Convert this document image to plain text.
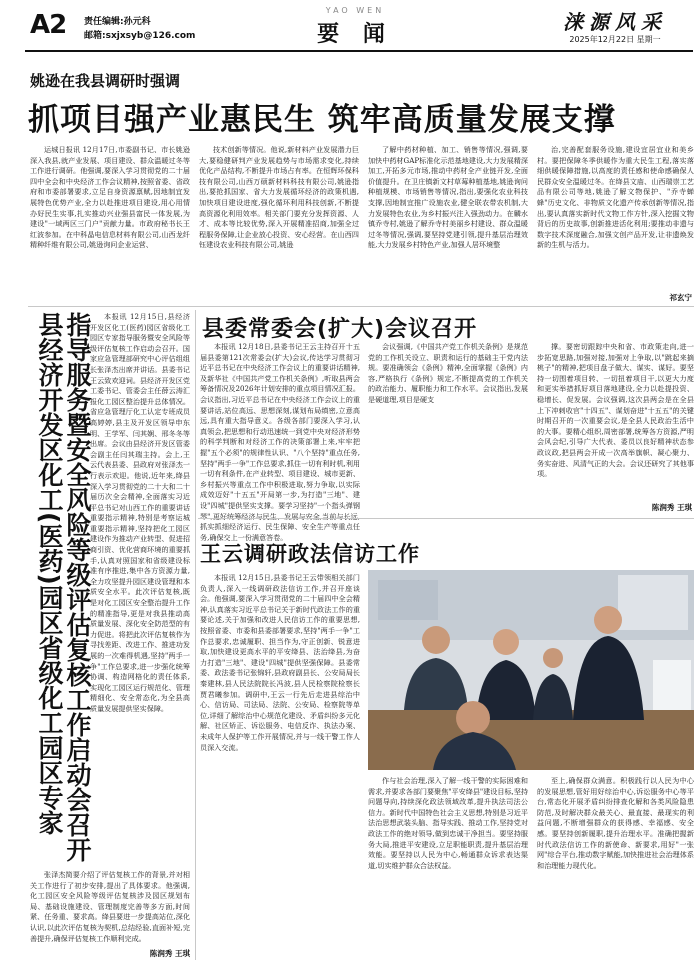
A2 责任编辑:孙元科
邮箱:sxjxsyb@126.com
YAO WEN
要 闻	涞源风采
2025年12月22日 星期一
姚逊在我县调研时强调
抓项目强产业惠民生 筑牢高质量发展支撑
运城日报讯 12月17日,市委副书记、市长姚逊深入我县,就产业发展、项目建设、群众温暖过冬等工作进行调研。他强调,要深入学习贯彻党的二十届四中全会和中央经济工作会议精神,按照省委、省政府和市委部署要求,立足自身资源禀赋,因地制宜发展特色优势产业,全力以赴推进项目建设,用心用情办好民生实事,扎实推动兴业强县富民一体发展,为建设"一域两区三门户"贡献力量。市政府秘书长王红波参加。在中科晶电信息材料有限公司,山西龙纤精种纤维有限公司,姚逊询问企业运营、
技术创新等情况。他说,新材料产业发展潜力巨大,要稳健研判产业发展趋势与市场需求变化,持续优化产品结构,不断提升市场占有率。在恒辉环保科技有限公司,山西万硕新材料科技有限公司,姚逊指出,要抢抓国家、省大力发展循环经济的政策机遇,加快项目建设进度,强化循环利用科技创新,不断提高资源化利用效率。相关部门要充分发挥资源、人才、成本等比较优势,深入开展精准招商,加强全过程服务保障,让企业放心投资、安心经营。在山西四钰建设农业科技有限公司,姚逊
了解中药材种植、加工、销售等情况,强调,要加快中药材GAP标准化示范基地建设,大力发展精深加工,开拓多元市场,推动中药材全产业链开发,全面价值提升。在卫庄镇新文村草莓种植基地,姚逊询问种植规模、市场销售等情况,指出,要强化农业科技支撑,因地制宜推广设施农业,健全联农带农机制,大力发展特色农业,为乡村振兴注入强劲动力。在麟水镇乔寺村,姚逊了解乔寺村美丽乡村建设、群众温暖过冬等情况,强调,要坚持党建引领,提升基层治理效能,大力发展乡村特色产业,加强人居环境整
治,完善配套服务设施,建设宜居宜业和美乡村。要把保障冬季供暖作为重大民生工程,落实落细供暖保障措施,以高度的责任感和使命感确保人民群众安全温暖过冬。在绛县文庙、山西瑞崇工艺品有限公司等地,姚逊了解文物保护、"乔寺蝉蜂"历史文化、非物质文化遗产传承创新等情况,指出,要认真落实新时代文物工作方针,深入挖掘文物背后的历史故事,创新推进活化利用;要推动非遗与数字技术深度融合,加强文创产品开发,让非遗焕发新的生机与活力。
祁玄宁
县经济开发区化工(医药)园区省级化工园区专家 指导服务暨安全风险等级评估复核工作启动会召开	本报讯 12月15日,县经济开发区化工(医药)园区省级化工园区专家指导服务暨安全风险等级评估复核工作启动会召开。国家应急管理部研究中心评估组组长张泽杰出席并讲话。县委书记王云致欢迎词。县经济开发区党工委书记、管委会主任薛云涛汇报化工园区整治提升总体情况。省应急管理厅化工认定专班成员高婷婷,县主及开发区领导申东明、王学军、闫其娴、邢冬冬等出席。会议由县经济开发区管委会副主任闫其瑞主持。会上,王云代表县委、县政府对张泽杰一行表示欢迎。他说,近年来,绛县深入学习贯彻党的二十大和二十届历次全会精神,全面落实习近平总书记对山西工作的重要讲话重要指示精神,特别是考察运城重要指示精神,坚持把化工园区建设作为推动产业转型、促进招商引资、优化营商环境的重要抓手,认真对照国家和省级建设标准有序推进,集中各方资源力量,全力攻坚提升园区建设管理和本质安全水平。此次评估复核,既是对化工园区安全整治提升工作的精准指导,更是对我县推动高质量发展、深化安全防范型的有力促进。将把此次评估复核作为寻找差距、改进工作、推进功发展的一次难得机遇,坚持"两手一争"工作总要求,进一步强化统筹协调、构造网格化的责任体系,实现化工园区运行规范化、管理精细化、安全常态化,为全县高质量发展提供坚实保障。
张泽杰简要介绍了评估复核工作的背景,并对相关工作进行了初步安排,提出了具体要求。他强调,化工园区安全风险等级评估复核涉及园区规划布局、基础设施建设、管理制度完善等多方面,时间紧、任务重、要求高。绛县要进一步提高站位,深化认识,以此次评估复核为契机,总结经验,直面补短,完善提升,确保评估复核工作顺利完成。
陈润秀 王琪
县委常委会(扩大)会议召开
本报讯 12月18日,县委书记王云主持召开十五届县委第121次常委会(扩大)会议,传达学习贯彻习近平总书记在中央经济工作会议上的重要讲话精神,及新华社《中国共产党工作机关条例》,听取县两会筹备情况及2026年计划安排的重点项目情况汇报。会议指出,习近平总书记在中央经济工作会议上的重要讲话,站位高远、思想深刻,谋划布局缜密,立意高远,具有重大指导意义。各级各部门要深入学习,认真领会,把思想和行动迅速统一到党中央对经济形势的科学判断和对经济工作的决策部署上来,牢牢把握"五个必须"的规律性认识、"八个坚持"重点任务,坚持"两手一争"工作总要求,抓住一切有利时机,利用一切有利条件,在产业转型、项目建设、城市更新、乡村振兴等重点工作中积极进取,努力争取,以实际成效迈好"十五五"开局第一步,为打造"三地"、建设"四城"提供坚实支撑。要学习坚持"一个指头弹钢琴",更好统筹经济与民生、发展与安全,当前与长远,抓实抓细经济运行、民生保障、安全生产等重点任务,确保交上一份满意答卷。
会议强调,《中国共产党工作机关条例》是规范党的工作机关设立、职责和运行的基础主干党内法规。要准确领会《条例》精神,全面掌握《条例》内容,严格执行《条例》规定,不断提高党的工作机关的政治能力、履职能力和工作水平。会议指出,发展是硬道理,项目是硬支
撑。要密切跟踪中央和省、市政策走向,进一步拓宽思路,加强对接,加强对上争取,以"跳起来摘桃子"的精神,把项目盘子做大、谋实、谋好。要坚持一切围着项目转、一切扭着项目干,以更大力度和更实举措抓好项目落地建设,全力以赴提投资、稳增长、促发展。会议强调,这次县两会是在全县上下冲刺收官"十四五"、谋划奋进"十五五"的关键时期召开的一次重要会议,是全县人民政治生活中的大事。要精心组织,周密部署,统筹各方资源,严明会风会纪,引导广大代表、委员以良好精神状态参政议政,把县两会开成一次高举旗帜、凝心聚力、务实奋进、风清气正的大会。会议还研究了其他事项。
陈润秀 王琪
王云调研政法信访工作
本报讯 12月15日,县委书记王云带领相关部门负责人,深入一线调研政法信访工作,并召开座谈会。他强调,要深入学习贯彻党的二十届四中全会精神,认真落实习近平总书记关于新时代政法工作的重要论述,关于加强和改进人民信访工作的重要思想,按照省委、市委和县委部署要求,坚持"两手一争"工作总要求,忠诚履职、担当作为,守正创新、锐意进取,加快建设更高水平的平安绛县、法治绛县,为奋力打造"三地"、建设"四城"提供坚强保障。县委常委、政法委书记张锦轩,县政府副县长、公安局局长秦建林,县人民法院院长冯波,县人民检察院检察长贾君曦参加。调研中,王云一行先后走进县综治中心、信访局、司法局、法院、公安局、检察院等单位,详细了解综治中心规范化建设、矛盾纠纷多元化解、社区矫正、诉讼服务、电信反诈、执法办案、未成年人保护等工作开展情况,并与一线干警工作人员深入交流。
作与社会治理,深入了解一线干警的实际困难和需求,并要求各部门要聚焦"平安绛县"建设目标,坚持问题导向,持续深化政法领域改革,提升执法司法公信力。新时代中国特色社会主义思想,特别是习近平法治思想武装头脑、指导实践、推动工作,坚持党对政法工作的绝对领导,做到忠诚干净担当。要坚持服务大局,推进平安建设,立足职能职责,提升基层治理效能。要坚持以人民为中心,畅通群众诉求表达渠道,切实维护群众合法权益。
至上,确保群众满意。积极践行以人民为中心的发展思想,管好用好综治中心,诉讼服务中心等平台,常态化开展矛盾纠纷排查化解和各类风险隐患防范,及时解决群众最关心、最直接、最现实的利益问题,不断增强群众的获得感、幸福感、安全感。要坚持创新履职,提升治理水平。准确把握新时代政法信访工作的新使命、新要求,用好"一张网"综合平台,推动数字赋能,加快推进社会治理体系和治理能力现代化。
